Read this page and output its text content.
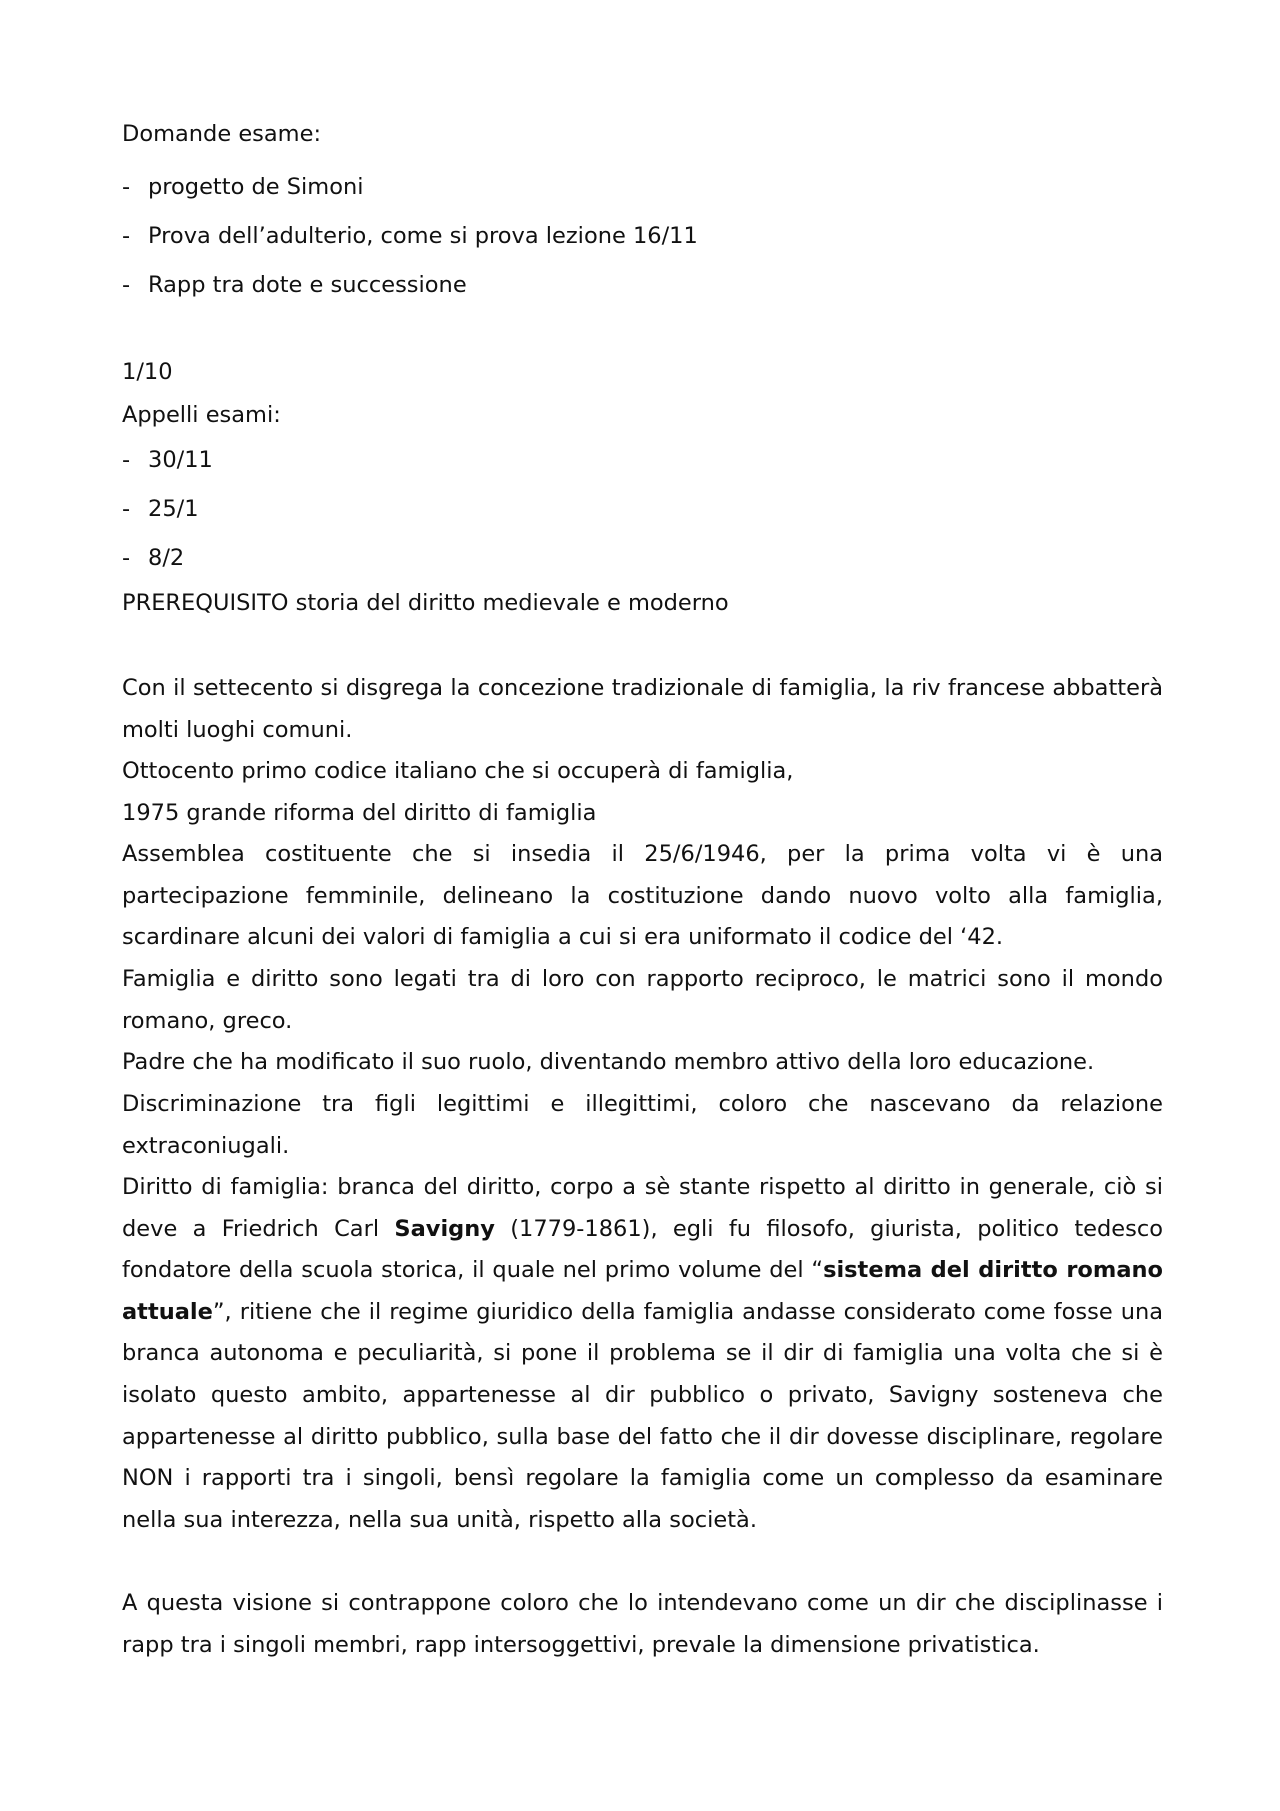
Domande esame:
- progetto de Simoni
- Prova dell’adulterio, come si prova lezione 16/11
- Rapp tra dote e successione
1/10
Appelli esami:
- 30/11
- 25/1
- 8/2
PREREQUISITO storia del diritto medievale e moderno
Con il settecento si disgrega la concezione tradizionale di famiglia, la riv francese abbatterà molti luoghi comuni.
Ottocento primo codice italiano che si occuperà di famiglia,
1975 grande riforma del diritto di famiglia
Assemblea costituente che si insedia il 25/6/1946, per la prima volta vi è una partecipazione femminile, delineano la costituzione dando nuovo volto alla famiglia, scardinare alcuni dei valori di famiglia a cui si era uniformato il codice del ‘42.
Famiglia e diritto sono legati tra di loro con rapporto reciproco, le matrici sono il mondo romano, greco.
Padre che ha modificato il suo ruolo, diventando membro attivo della loro educazione.
Discriminazione tra figli legittimi e illegittimi, coloro che nascevano da relazione extraconiugali.
Diritto di famiglia: branca del diritto, corpo a sè stante rispetto al diritto in generale, ciò si deve a Friedrich Carl Savigny (1779-1861), egli fu filosofo, giurista, politico tedesco fondatore della scuola storica, il quale nel primo volume del “sistema del diritto romano attuale”, ritiene che il regime giuridico della famiglia andasse considerato come fosse una branca autonoma e peculiarità, si pone il problema se il dir di famiglia una volta che si è isolato questo ambito, appartenesse al dir pubblico o privato, Savigny sosteneva che appartenesse al diritto pubblico, sulla base del fatto che il dir dovesse disciplinare, regolare NON i rapporti tra i singoli, bensì regolare la famiglia come un complesso da esaminare nella sua interezza, nella sua unità, rispetto alla società.
A questa visione si contrappone coloro che lo intendevano come un dir che disciplinasse i rapp tra i singoli membri, rapp intersoggettivi, prevale la dimensione privatistica.
